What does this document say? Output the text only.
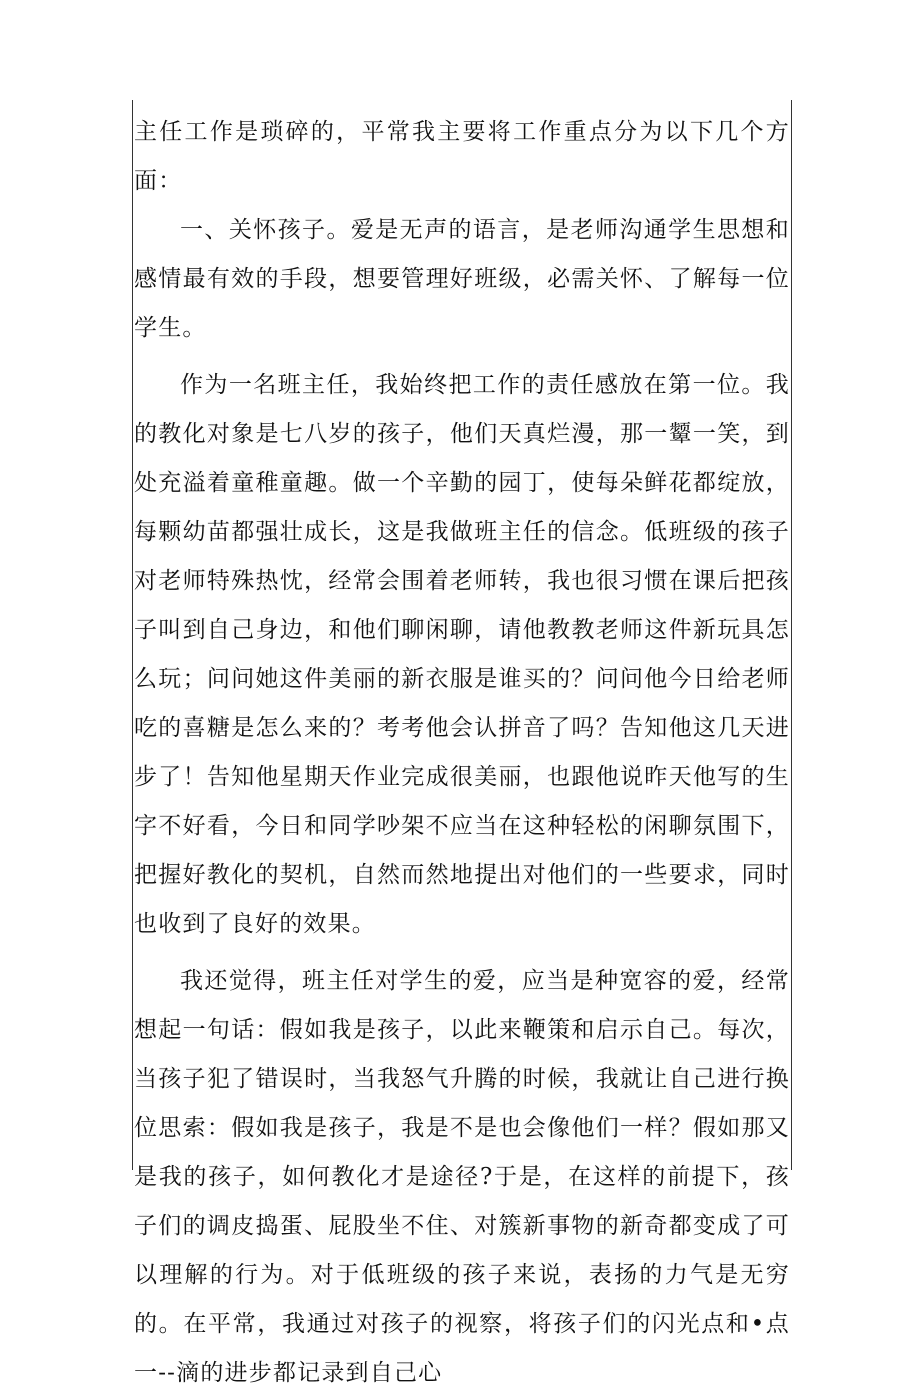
主任工作是琐碎的，平常我主要将工作重点分为以下几个方面：

一、关怀孩子。爱是无声的语言，是老师沟通学生思想和感情最有效的手段，想要管理好班级，必需关怀、了解每一位学生。

作为一名班主任，我始终把工作的责任感放在第一位。我的教化对象是七八岁的孩子，他们天真烂漫，那一颦一笑，到处充溢着童稚童趣。做一个辛勤的园丁，使每朵鲜花都绽放，每颗幼苗都强壮成长，这是我做班主任的信念。低班级的孩子对老师特殊热忱，经常会围着老师转，我也很习惯在课后把孩子叫到自己身边，和他们聊闲聊，请他教教老师这件新玩具怎么玩；问问她这件美丽的新衣服是谁买的？问问他今日给老师吃的喜糖是怎么来的？考考他会认拼音了吗？告知他这几天进步了！告知他星期天作业完成很美丽，也跟他说昨天他写的生字不好看，今日和同学吵架不应当在这种轻松的闲聊氛围下，把握好教化的契机，自然而然地提出对他们的一些要求，同时也收到了良好的效果。

我还觉得，班主任对学生的爱，应当是种宽容的爱，经常想起一句话：假如我是孩子，以此来鞭策和启示自己。每次，当孩子犯了错误时，当我怒气升腾的时候，我就让自己进行换位思索：假如我是孩子，我是不是也会像他们一样？假如那又是我的孩子，如何教化才是途径?于是，在这样的前提下，孩子们的调皮捣蛋、屁股坐不住、对簇新事物的新奇都变成了可以理解的行为。对于低班级的孩子来说，表扬的力气是无穷的。在平常，我通过对孩子的视察，将孩子们的闪光点和•点一--滴的进步都记录到自己心
